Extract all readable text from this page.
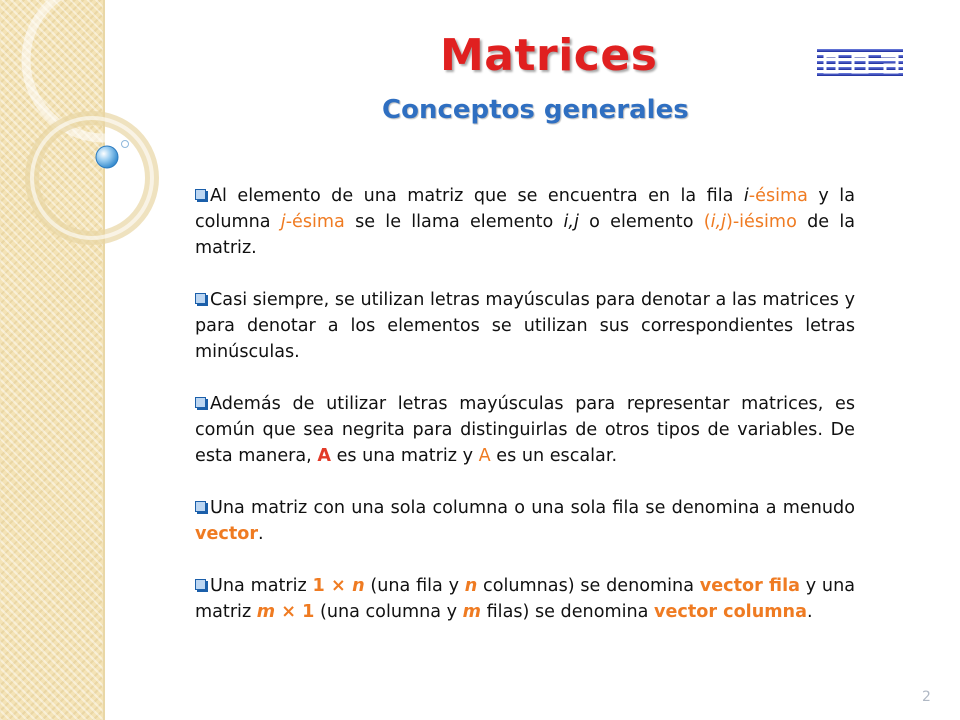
Matrices
Conceptos generales
doa

Al elemento de una matriz que se encuentra en la fila i-ésima y la columna j-ésima se le llama elemento i,j o elemento (i,j)-iésimo de la matriz.

Casi siempre, se utilizan letras mayúsculas para denotar a las matrices y para denotar a los elementos se utilizan sus correspondientes letras minúsculas.

Además de utilizar letras mayúsculas para representar matrices, es común que sea negrita para distinguirlas de otros tipos de variables. De esta manera, A es una matriz y A es un escalar.

Una matriz con una sola columna o una sola fila se denomina a menudo vector.

Una matriz 1 × n (una fila y n columnas) se denomina vector fila y una matriz m × 1 (una columna y m filas) se denomina vector columna.

2
